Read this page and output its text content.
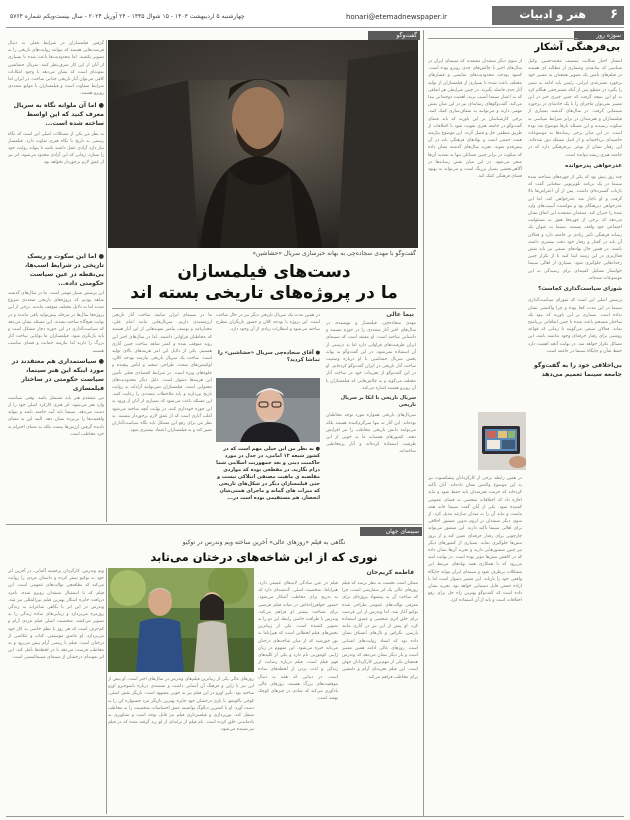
۶
هنر و ادبیات
honari@etemadnewspaper.ir
چهارشنبه ۵ اردیبهشت ۱۴۰۳ - ۱۵ شوال ۱۴۴۵ - ۲۴ آوریل ۲۰۲۴ - سال بیست‌ویکم شماره ۵۷۶۴
سوژه روز
بی‌فرهنگی آشکار

انتشار اخبار شکایت منتصف محمدحسن، وکیل شناسی که سابقه‌ی وشماری از مطالبه ای هستند در فیلم‌های تأمین یک تصویر همچنان به مسیر خود برخورد مسرعه‌ی ایرانی، رئیس باید ادامه به ستیز را بگیرد در مقطع پس از آنکه مسترجمی هنگام کرد به او این نتیجه گرفت که چنین چیزی خبر در این مسیر نمی‌توان ماجرای را با یک حادثه‌ای در برخورد سینمایی گرفت. در سال‌های گذشته بسیاری از فیلمسازان و هنرمندان در برابر شرایط سیاسی به سکوت رسیدند و این مسئله بارها موضوع نقد بوده است. در این میان برخی رسانه‌ها به موضوعات حاشیه‌ای پرداخته‌اند و از اصل مسئله دور شده‌اند. این رفتار نشان از نوعی بی‌فرهنگی دارد که در جامعه هنری ریشه دوانده است.

عذرخواهی پدرخوانده

چند روز پیش بود که یکی از چهره‌های شناخته شده سینما در یک برنامه تلویزیونی سخنانی گفت که بازتاب گسترده‌ای داشت. پس از آن اعتراض‌ها بالا گرفت و او ناچار شد عذرخواهی کند. اما این عذرخواهی دیرهنگام بود و نتوانست آسیب‌های وارد شده را جبران کند. منتقدان معتقدند این اتفاق نشان می‌دهد که برخی از چهره‌ها هنوز به مسئولیت اجتماعی خود واقف نیستند. سینما به عنوان یک رسانه فرهنگی تأثیر زیادی بر جامعه دارد و فعالان آن باید در گفتار و رفتار خود دقت بیشتری داشته باشند. در همین حال نهادهای صنفی نیز باید نقش فعال‌تری در این زمینه ایفا کنند تا از تکرار چنین رخدادهایی جلوگیری شود. بسیاری از اهالی سینما خواستار تشکیل کمیته‌ای برای رسیدگی به این موضوعات شده‌اند.

شورای سیاست‌گذاری کجاست؟

پرسش اصلی این است که شورای سیاست‌گذاری سینما در این مدت کجا بوده و چرا واکنشی نشان نداده است. بسیاری بر این باورند که نبود یک ساختار منسجم باعث شده تا چنین اتفاقاتی بی‌پاسخ بماند. فعالان صنفی می‌گویند تا زمانی که قواعد روشنی برای رفتار حرفه‌ای وجود نداشته باشد، این مسائل تکرار خواهد شد. در نهایت آنچه اهمیت دارد حفظ شأن و جایگاه سینما در جامعه است.

بی‌اخلاقی خود را به گفت‌وگو جامعه سینما تعمیم می‌دهد

از سوی دیگر منتقدان معتقدند که سینمای ایران در سال‌های اخیر با چالش‌های جدی روبرو بوده است. کمبود بودجه، محدودیت‌های نمایشی و فشارهای مختلف باعث شده تا بسیاری از فیلمسازان از تولید آثار جدی فاصله بگیرند. در چنین شرایطی هر اتفاقی که به اعتبار سینما آسیب بزند، اهمیت دوچندانی پیدا می‌کند. گفت‌وگوهای رسانه‌ای نیز در این میان نقش مهمی دارند و می‌توانند به شفاف‌سازی کمک کنند. برخی کارشناسان بر این باورند که باید فضای گفت‌وگو در جامعه هنری تقویت شود تا اختلافات از طریق منطقی حل و فصل گردد. این موضوع نیازمند همت جمعی است و نهادهای فرهنگی باید در آن پیش‌قدم شوند. تجربه سال‌های گذشته نشان داده که سکوت در برابر چنین مسائلی تنها به تشدید آن‌ها منجر می‌شود. در این میان نقش رسانه‌ها در آگاهی‌بخشی بسیار پررنگ است و می‌تواند به بهبود فضای فرهنگی کمک کند.

در همین رابطه برخی از کارگردانان پیشکسوت نیز به این موضوع واکنش نشان داده‌اند. آنان تأکید کرده‌اند که حرمت هنرمندان باید حفظ شود و نباید اجازه داد که اختلافات شخصی به فضای عمومی کشیده شود. یکی از آنان گفت سینما خانه همه ماست و نباید آن را به میدان منازعه تبدیل کرد. از سوی دیگر منتقدان بر لزوم تدوین منشور اخلاقی برای اهالی سینما تأکید دارند. این منشور می‌تواند چارچوبی برای رفتار حرفه‌ای تعیین کند و از بروز تنش‌ها جلوگیری نماید. بسیاری از کشورهای دیگر نیز چنین منشورهایی دارند و تجربه آن‌ها نشان داده که در کاهش تنش‌ها مؤثر بوده است. در نهایت امید می‌رود که با همکاری همه نهادهای مرتبط این مشکلات برطرف شود و سینمای ایران بتواند جایگاه واقعی خود را بازیابد. این مسیر دشوار است اما با اراده جمعی قابل دستیابی خواهد بود. تجربه نشان داده است که گفت‌وگو بهترین راه حل برای رفع اختلافات است و باید از آن استفاده کرد.

گفت‌وگو

گرفتن فیلمسازان در شرایط فعلی به دنبال فرصت‌هایی هستند که بتوانند روایت‌های تاریخی را به تصویر بکشند. اما محدودیت‌ها باعث شده تا بسیاری از آنان از این کار صرف‌نظر کنند. سریال حشاشین نمونه‌ای است که نشان می‌دهد با وجود امکانات کافی می‌توان آثار تاریخی جذابی ساخت. در ایران اما شرایط متفاوت است و فیلمسازان با موانع متعددی روبرو هستند.

● اما آن ملوانه نگاه به سریال معرف کنید که این اواسط ساخته شده است...

به نظر من یکی از مشکلات اصلی این است که نگاه رسمی به تاریخ با نگاه هنری تفاوت دارد. فیلمساز نیاز دارد آزادی عمل داشته باشد تا بتواند روایت خود را بسازد. زمانی که این آزادی محدود می‌شود، اثر نیز از عمق لازم برخوردار نخواهد بود.

گفت‌وگو با مهدی سجاده‌چی به بهانه خبرسازی سریال «حشاشین»
دست‌های فیلمسازان
ما در پروژه‌های تاریخی بسته اند

● اما این سکوت و ریسک تاریخی در شرایط اسب‌ها، بی‌نقطه در عین سیاست حکومتی داده...

این پرسش بسیار مهمی است. ما در سال‌های گذشته شاهد بودیم که پروژه‌های تاریخی متعددی شروع شدند اما به دلایل مختلف متوقف ماندند. برخی از این پروژه‌ها سال‌ها در مرحله پیش‌تولید باقی ماندند و در نهایت هیچ‌گاه ساخته نشدند. این مسئله نشان می‌دهد که سیاست‌گذاری در این حوزه دچار مشکل است و باید بازنگری شود. فیلمسازان ما توانایی ساخت آثار بزرگ را دارند اما نیازمند حمایت و فضای مناسب هستند.

● سیاستمداری هم معتقدند در مورد اینکه این هنر سینما، سیاست حکومتی در ساختار فیلمسازی

من معتقدم هنر باید مستقل باشد. وقتی سیاست وارد هنر می‌شود، اثر هنری کارکرد اصلی خود را از دست می‌دهد. سینما باید آینه جامعه باشد و بتواند واقعیت‌ها را بی‌پرده نشان دهد. البته این به معنای نادیده گرفتن ارزش‌ها نیست بلکه به معنای احترام به خرد مخاطب است.

نیما عالی

مهدی سجاده‌چی، فیلمساز و نویسنده، در سال‌های اخیر آثار متعددی را در حوزه مستند و داستانی ساخته است. او معتقد است که سینمای ایران ظرفیت‌های فراوانی دارد اما به درستی از آن استفاده نمی‌شود. در این گفت‌وگو به بهانه پخش سریال حشاشین با او درباره وضعیت ساخت آثار تاریخی در ایران گفت‌وگو کرده‌ایم. او در این گفت‌وگو از تجربیات خود در ساخت آثار مختلف می‌گوید و به چالش‌هایی که فیلمسازان با آن روبرو هستند اشاره می‌کند.

سریال تاریخی با اتکا بر سریال تاریخی

سریال‌های تاریخی همواره مورد توجه مخاطبان بوده‌اند. این آثار نه تنها سرگرم‌کننده هستند بلکه می‌توانند دانش تاریخی مخاطب را نیز افزایش دهند. کشورهای همسایه ما به خوبی از این ظرفیت استفاده کرده‌اند و آثار پرمخاطبی ساخته‌اند.

در همین مدت یک سریال تاریخی دیگر نیز در حال ساخت است. این پروژه با بودجه کلان و حضور بازیگران مطرح ساخته می‌شود و انتظارات زیادی از آن وجود دارد.

● آقای سجاده‌چی سریال «حشاشین» را تماشا کردید؟
● به نظر من این خیلی مهم است که در کشور شیعه ۱۲ امامی، در جدل در مورد حاکمیت دینی و بعد جمهوریت اسلامی شما درام نگارید. در مقطعی بوده که مواردی مقلصبه ی ماهیت مصنفی انتلاکی نیست و حتی فیلمسازان دیگر در شکل‌های تاریخی که میراث های گمانه و ماجرای همتی‌شان انحصار، هم مستقیمی بوده است در...

ما در سینمای ایران سابقه ساخت آثار تاریخی ارزشمندی داریم. سریال‌هایی مانند امام علی، مختارنامه و یوسف پیامبر نمونه‌هایی از این آثار هستند که مخاطبان فراوانی داشتند. اما در سال‌های اخیر این روند متوقف شده و کمتر شاهد ساخت چنین آثاری هستیم. یکی از دلایل این امر هزینه‌های بالای تولید است. ساخت یک سریال تاریخی نیازمند بودجه کلان، لوکیشن‌های متعدد، طراحی صحنه و لباس پیچیده و جلوه‌های ویژه است. در شرایط اقتصادی فعلی تأمین این هزینه‌ها دشوار است. دلیل دیگر محدودیت‌های محتوایی است. فیلمسازان نمی‌توانند آزادانه به روایت تاریخ بپردازند و باید ملاحظات متعددی را رعایت کنند. این مسئله باعث می‌شود که بسیاری از آنان از ورود به این حوزه خودداری کنند. در نهایت آنچه ساخته می‌شود اغلب آثاری است که از عمق لازم برخوردار نیستند. به نظر من برای رفع این مشکل باید نگاه سیاست‌گذاران تغییر کند و به فیلمسازان اعتماد بیشتری شود.

سینمای جهان
نگاهی به فیلم «روزهای عالی» آخرین ساخته ویم وندرس در توکیو
نوری که از این شاخه‌های درختان می‌تابد
فاطمه کریم‌خان

ویم وندرس، کارگردان برجسته آلمانی، در آخرین اثر خود به توکیو سفر کرده و داستان مردی را روایت می‌کند که نظافتچی توالت‌های عمومی است. این فیلم که با استقبال منتقدان روبرو شده، نامزد دریافت جایزه اسکار بهترین فیلم بین‌المللی نیز شد. وندرس در این اثر با نگاهی شاعرانه به زندگی روزمره می‌پردازد و زیبایی‌های ساده زندگی را به تصویر می‌کشد. شخصیت اصلی فیلم مردی آرام و کم‌حرف است که هر روز با نظم خاصی به کار خود می‌پردازد. او عاشق موسیقی، کتاب و عکاسی از درختان است. فیلم با ریتمی آرام پیش می‌رود و به مخاطب فرصت می‌دهد تا در لحظه‌ها تأمل کند. این اثر نمونه‌ای درخشان از سینمای مینیمالیستی است.

روزهای عالی یکی از زیباترین فیلم‌های وندرس در سال‌های اخیر است. او پیش از این نیز با ژاپن و فرهنگ آن آشنایی داشت و مستندی درباره یاسوجیرو اوزو ساخته بود. تأثیر اوزو در این فیلم نیز به خوبی مشهود است. بازیگر نقش اصلی، کوجی یاکوشو، با بازی درخشان خود جایزه بهترین بازیگر مرد جشنواره کن را به دست آورد. او با کمترین دیالوگ توانسته عمق احساسات شخصیت را به مخاطب منتقل کند. نورپردازی و فیلمبرداری فیلم نیز قابل توجه است و تصاویری به یادماندنی خلق کرده است. نام فیلم از ترانه‌ای از لو رید گرفته شده که در فیلم نیز شنیده می‌شود.

فیلم در عین سادگی لایه‌های عمیقی دارد. هیرایاما، شخصیت اصلی، گذشته‌ای دارد که به تدریج برای مخاطب آشکار می‌شود. حضور خواهرزاده‌اش در میانه فیلم فرصتی برای شناخت بیشتر او فراهم می‌کند. وندرس با ظرافت خاصی رابطه این دو را به تصویر کشیده است. یکی از زیباترین بخش‌های فیلم لحظاتی است که هیرایاما به نور خورشید که از میان شاخه‌های درختان می‌تابد خیره می‌شود. این مفهوم در زبان ژاپنی کوموربی نام دارد و یکی از کلیدهای فهم فیلم است. فیلم درباره رضایت از زندگی و لذت بردن از لحظه‌های ساده است. در دنیایی که همه به دنبال موفقیت‌های بزرگ هستند، روزهای عالی یادآوری می‌کند که شادی در چیزهای کوچک نهفته است.

ممکن است نخست به نظر برسد که فیلم روزهای عالی یک اثر سفارشی است، چرا که ساخت آن به پیشنهاد پروژه‌ای برای معرفی توالت‌های عمومی طراحی شده توکیو آغاز شد. اما وندرس از این فرصت برای خلق اثری شخصی و عمیق استفاده کرد. او پیش از این نیز در آثاری مانند پاریس، تگزاس و بال‌های اشتیاق نشان داده بود که استاد روایت‌های انسانی است. روزهای عالی ادامه همین مسیر است و بار دیگر نشان می‌دهد که وندرس همچنان یکی از مهم‌ترین کارگردانان جهان است. این فیلم تجربه‌ای آرام و دلنشین برای مخاطب فراهم می‌کند.
